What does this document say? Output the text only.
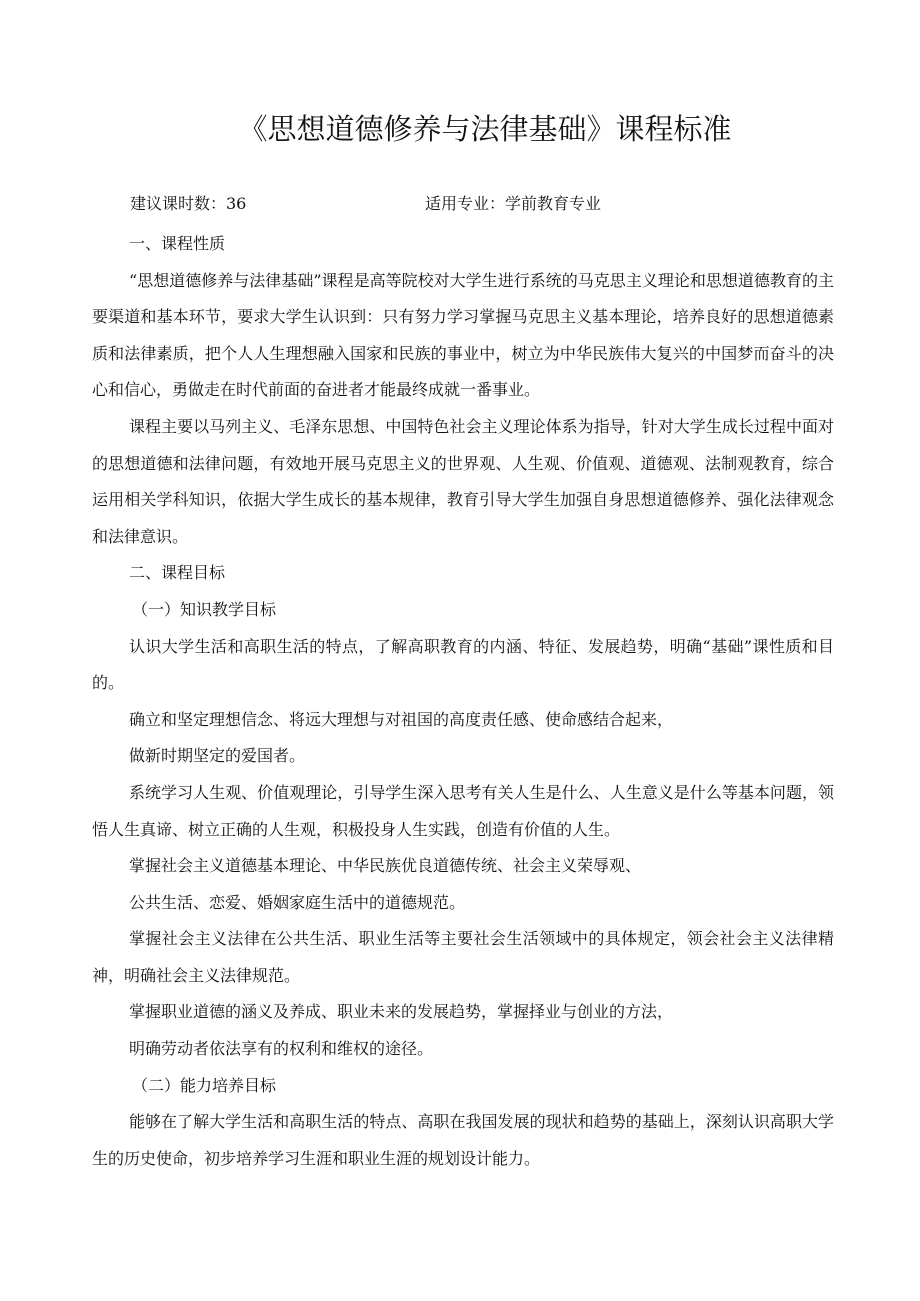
《思想道德修养与法律基础》课程标准
建议课时数：36	适用专业：学前教育专业

一、课程性质

“思想道德修养与法律基础”课程是高等院校对大学生进行系统的马克思主义理论和思想道德教育的主要渠道和基本环节，要求大学生认识到：只有努力学习掌握马克思主义基本理论，培养良好的思想道德素质和法律素质，把个人人生理想融入国家和民族的事业中，树立为中华民族伟大复兴的中国梦而奋斗的决心和信心，勇做走在时代前面的奋进者才能最终成就一番事业。

课程主要以马列主义、毛泽东思想、中国特色社会主义理论体系为指导，针对大学生成长过程中面对的思想道德和法律问题，有效地开展马克思主义的世界观、人生观、价值观、道德观、法制观教育，综合运用相关学科知识，依据大学生成长的基本规律，教育引导大学生加强自身思想道德修养、强化法律观念和法律意识。

二、课程目标

（一）知识教学目标

认识大学生活和高职生活的特点，了解高职教育的内涵、特征、发展趋势，明确“基础”课性质和目的。

确立和坚定理想信念、将远大理想与对祖国的高度责任感、使命感结合起来，

做新时期坚定的爱国者。

系统学习人生观、价值观理论，引导学生深入思考有关人生是什么、人生意义是什么等基本问题，领悟人生真谛、树立正确的人生观，积极投身人生实践，创造有价值的人生。

掌握社会主义道德基本理论、中华民族优良道德传统、社会主义荣辱观、

公共生活、恋爱、婚姻家庭生活中的道德规范。

掌握社会主义法律在公共生活、职业生活等主要社会生活领域中的具体规定，领会社会主义法律精神，明确社会主义法律规范。

掌握职业道德的涵义及养成、职业未来的发展趋势，掌握择业与创业的方法，

明确劳动者依法享有的权利和维权的途径。

（二）能力培养目标

能够在了解大学生活和高职生活的特点、高职在我国发展的现状和趋势的基础上，深刻认识高职大学生的历史使命，初步培养学习生涯和职业生涯的规划设计能力。
